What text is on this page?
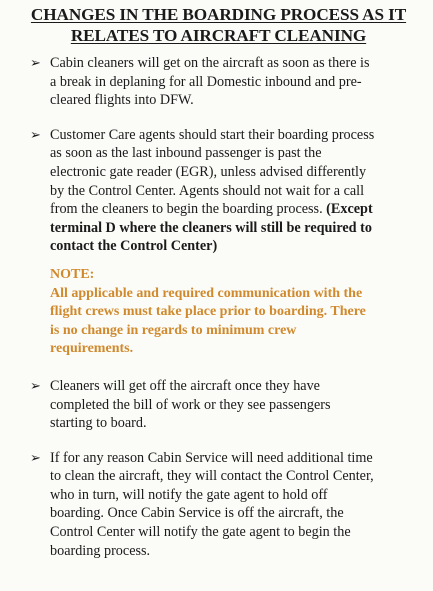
CHANGES IN THE BOARDING PROCESS AS IT
RELATES TO AIRCRAFT CLEANING
➢ Cabin cleaners will get on the aircraft as soon as there is
a break in deplaning for all Domestic inbound and pre-
cleared flights into DFW.
➢ Customer Care agents should start their boarding process
as soon as the last inbound passenger is past the
electronic gate reader (EGR), unless advised differently
by the Control Center. Agents should not wait for a call
from the cleaners to begin the boarding process. (Except
terminal D where the cleaners will still be required to
contact the Control Center)
NOTE:
All applicable and required communication with the
flight crews must take place prior to boarding. There
is no change in regards to minimum crew
requirements.
➢ Cleaners will get off the aircraft once they have
completed the bill of work or they see passengers
starting to board.
➢ If for any reason Cabin Service will need additional time
to clean the aircraft, they will contact the Control Center,
who in turn, will notify the gate agent to hold off
boarding. Once Cabin Service is off the aircraft, the
Control Center will notify the gate agent to begin the
boarding process.
